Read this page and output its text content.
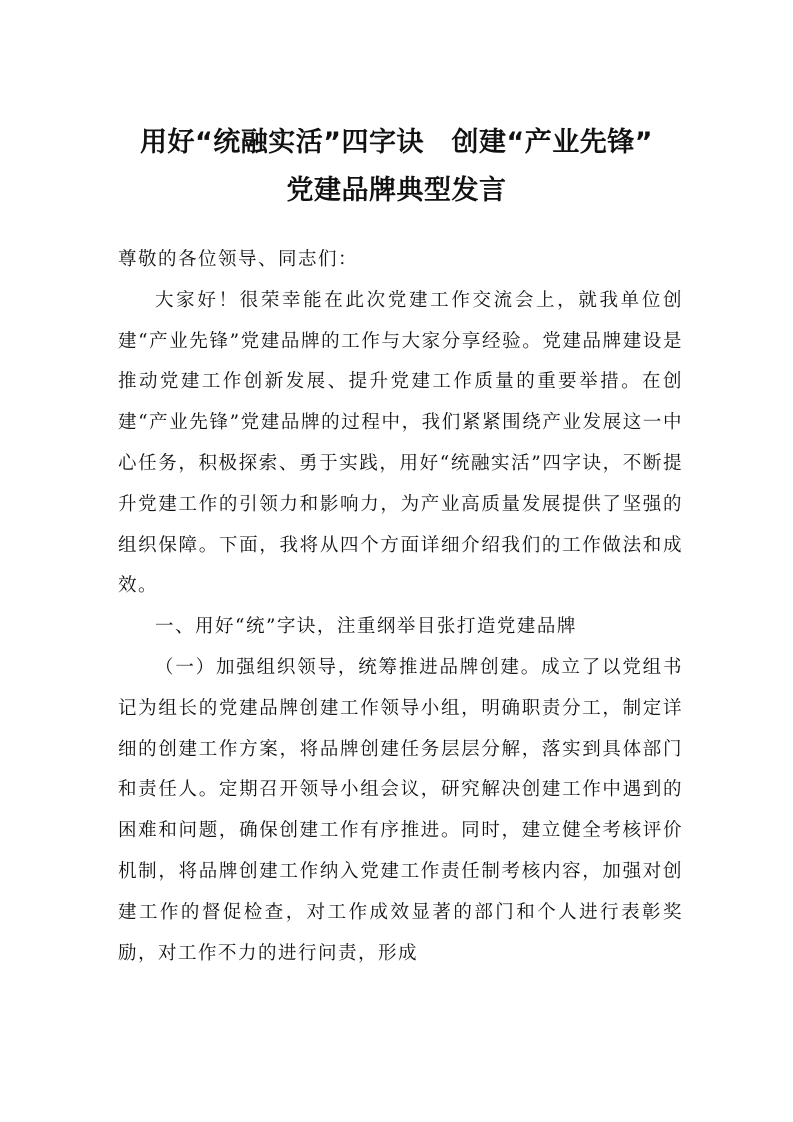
用好“统融实活”四字诀　创建“产业先锋”
党建品牌典型发言

尊敬的各位领导、同志们：

大家好！很荣幸能在此次党建工作交流会上，就我单位创建“产业先锋”党建品牌的工作与大家分享经验。党建品牌建设是推动党建工作创新发展、提升党建工作质量的重要举措。在创建“产业先锋”党建品牌的过程中，我们紧紧围绕产业发展这一中心任务，积极探索、勇于实践，用好“统融实活”四字诀，不断提升党建工作的引领力和影响力，为产业高质量发展提供了坚强的组织保障。下面，我将从四个方面详细介绍我们的工作做法和成效。

一、用好“统”字诀，注重纲举目张打造党建品牌

（一）加强组织领导，统筹推进品牌创建。成立了以党组书记为组长的党建品牌创建工作领导小组，明确职责分工，制定详细的创建工作方案，将品牌创建任务层层分解，落实到具体部门和责任人。定期召开领导小组会议，研究解决创建工作中遇到的困难和问题，确保创建工作有序推进。同时，建立健全考核评价机制，将品牌创建工作纳入党建工作责任制考核内容，加强对创建工作的督促检查，对工作成效显著的部门和个人进行表彰奖励，对工作不力的进行问责，形成
